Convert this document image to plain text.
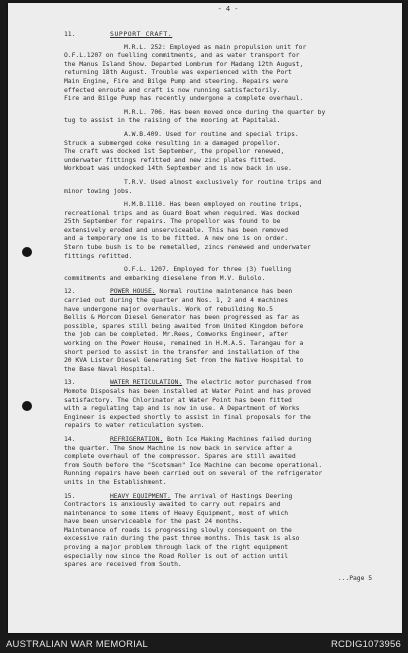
- 4 -
11.	SUPPORT CRAFT.
M.R.L. 252: Employed as main propulsion unit for
O.F.L.1207 on fuelling commitments, and as water transport for
the Manus Island Show. Departed Lombrum for Madang 12th August,
returning 18th August. Trouble was experienced with the Port
Main Engine, Fire and Bilge Pump and steering. Repairs were
effected enroute and craft is now running satisfactorily.
Fire and Bilge Pump has recently undergone a complete overhaul.
M.R.L. 706. Has been moved once during the quarter by
tug to assist in the raising of the mooring at Papitalai.
A.W.B.409. Used for routine and special trips.
Struck a submerged coke resulting in a damaged propellor.
The craft was docked 1st September, the propellor renewed,
underwater fittings refitted and new zinc plates fitted.
Workboat was undocked 14th September and is now back in use.
T.R.V. Used almost exclusively for routine trips and
minor towing jobs.
H.M.B.1110. Has been employed on routine trips,
recreational trips and as Guard Boat when required. Was docked
25th September for repairs. The propellor was found to be
extensively eroded and unserviceable. This has been removed
and a temporary one is to be fitted. A new one is on order.
Stern tube bush is to be remetalled, zincs renewed and underwater
fittings refitted.
O.F.L. 1207. Employed for three (3) fuelling
commitments and embarking dieselene from M.V. Bulolo.
12.	POWER HOUSE. Normal routine maintenance has been
carried out during the quarter and Nos. 1, 2 and 4 machines
have undergone major overhauls. Work of rebuilding No.5
Bellis & Morcom Diesel Generator has been progressed as far as
possible, spares still being awaited from United Kingdom before
the job can be completed. Mr.Rees, Comworks Engineer, after
working on the Power House, remained in H.M.A.S. Tarangau for a
short period to assist in the transfer and installation of the
20 KVA Lister Diesel Generating Set from the Native Hospital to
the Base Naval Hospital.
13.	WATER RETICULATION. The electric motor purchased from
Momote Disposals has been installed at Water Point and has proved
satisfactory. The Chlorinator at Water Point has been fitted
with a regulating tap and is now in use. A Department of Works
Engineer is expected shortly to assist in final proposals for the
repairs to water reticulation system.
14.	REFRIGERATION. Both Ice Making Machines failed during
the quarter. The Snow Machine is now back in service after a
complete overhaul of the compressor. Spares are still awaited
from South before the "Scotsman" Ice Machine can become operational.
Running repairs have been carried out on several of the refrigerator
units in the Establishment.
15.	HEAVY EQUIPMENT. The arrival of Hastings Deering
Contractors is anxiously awaited to carry out repairs and
maintenance to some items of Heavy Equipment, most of which
have been unserviceable for the past 24 months.
Maintenance of roads is progressing slowly consequent on the
excessive rain during the past three months. This task is also
proving a major problem through lack of the right equipment
especially now since the Road Roller is out of action until
spares are received from South.
...Page 5
AUSTRALIAN WAR MEMORIAL	RCDIG1073956
